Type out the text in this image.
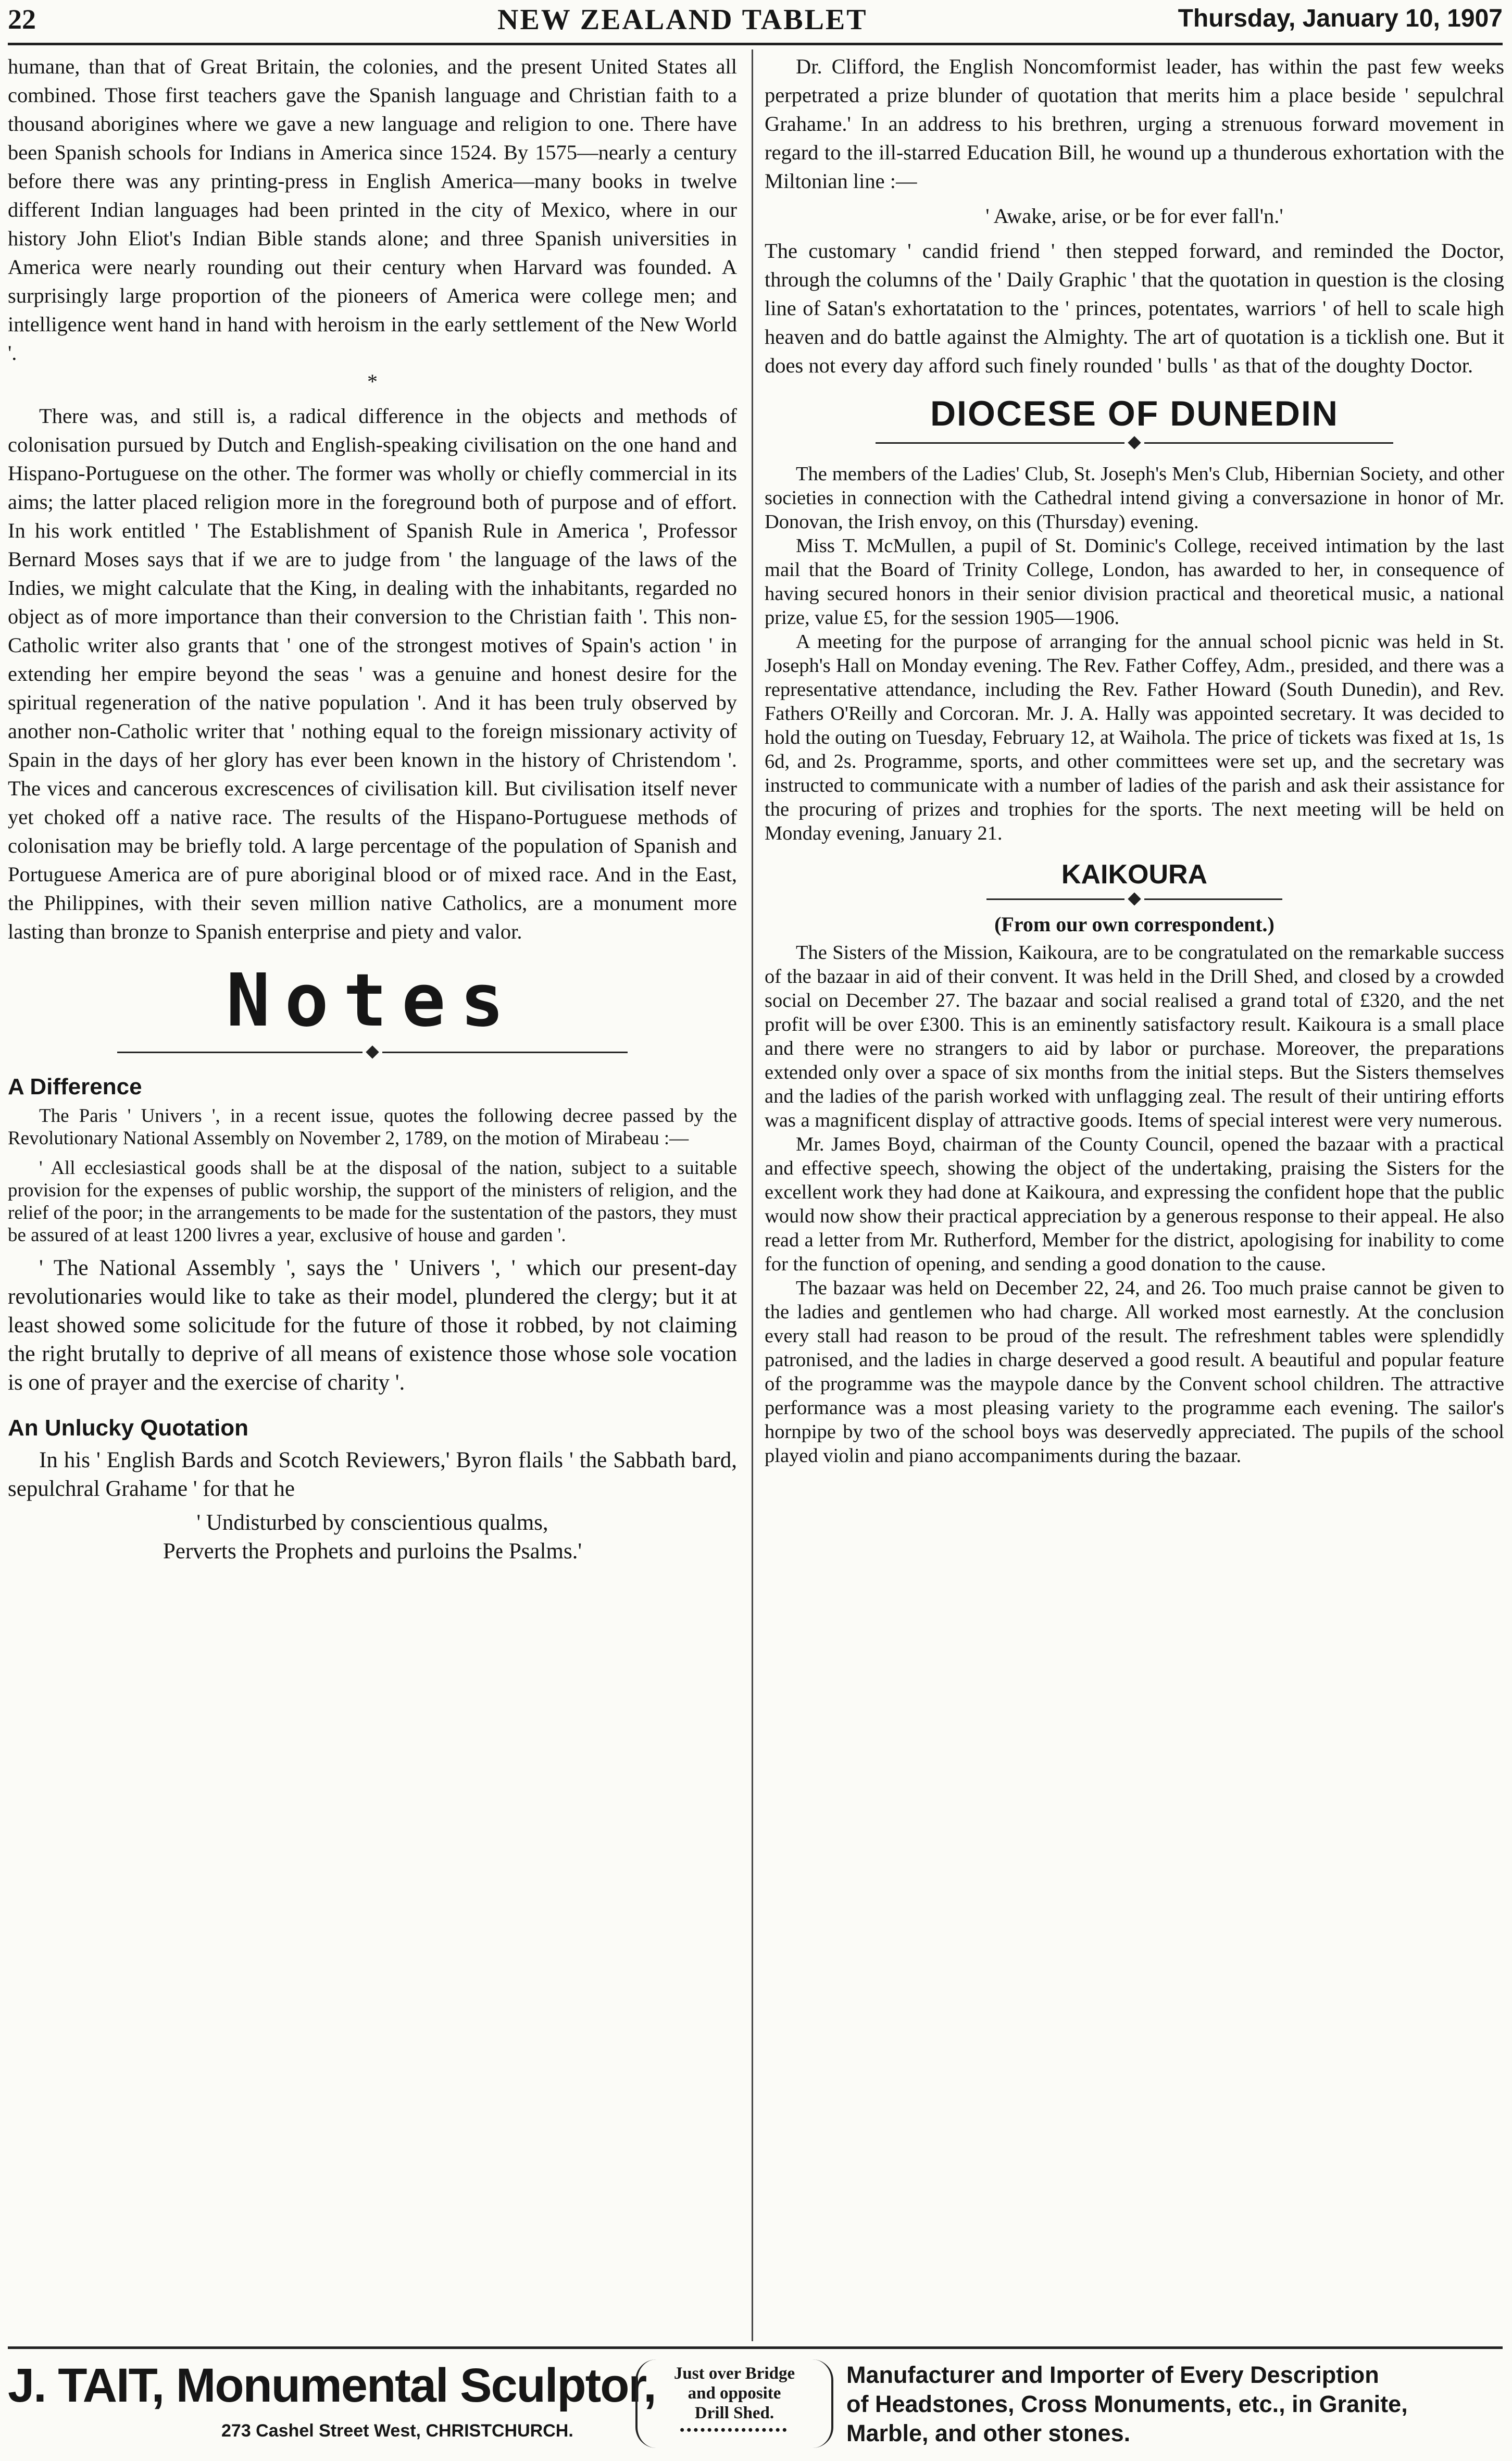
22	NEW ZEALAND TABLET	Thursday, January 10, 1907

humane, than that of Great Britain, the colonies, and the present United States all combined. Those first teachers gave the Spanish language and Christian faith to a thousand aborigines where we gave a new language and religion to one. There have been Spanish schools for Indians in America since 1524. By 1575—nearly a century before there was any printing-press in English America—many books in twelve different Indian languages had been printed in the city of Mexico, where in our history John Eliot's Indian Bible stands alone; and three Spanish universities in America were nearly rounding out their century when Harvard was founded. A surprisingly large proportion of the pioneers of America were college men; and intelligence went hand in hand with heroism in the early settlement of the New World '.

*

There was, and still is, a radical difference in the objects and methods of colonisation pursued by Dutch and English-speaking civilisation on the one hand and Hispano-Portuguese on the other. The former was wholly or chiefly commercial in its aims; the latter placed religion more in the foreground both of purpose and of effort. In his work entitled ' The Establishment of Spanish Rule in America ', Professor Bernard Moses says that if we are to judge from ' the language of the laws of the Indies, we might calculate that the King, in dealing with the inhabitants, regarded no object as of more importance than their conversion to the Christian faith '. This non-Catholic writer also grants that ' one of the strongest motives of Spain's action ' in extending her empire beyond the seas ' was a genuine and honest desire for the spiritual regeneration of the native population '. And it has been truly observed by another non-Catholic writer that ' nothing equal to the foreign missionary activity of Spain in the days of her glory has ever been known in the history of Christendom '. The vices and cancerous excrescences of civilisation kill. But civilisation itself never yet choked off a native race. The results of the Hispano-Portuguese methods of colonisation may be briefly told. A large percentage of the population of Spanish and Portuguese America are of pure aboriginal blood or of mixed race. And in the East, the Philippines, with their seven million native Catholics, are a monument more lasting than bronze to Spanish enterprise and piety and valor.

Notes
A Difference

The Paris ' Univers ', in a recent issue, quotes the following decree passed by the Revolutionary National Assembly on November 2, 1789, on the motion of Mirabeau :—

' All ecclesiastical goods shall be at the disposal of the nation, subject to a suitable provision for the expenses of public worship, the support of the ministers of religion, and the relief of the poor; in the arrangements to be made for the sustentation of the pastors, they must be assured of at least 1200 livres a year, exclusive of house and garden '.

' The National Assembly ', says the ' Univers ', ' which our present-day revolutionaries would like to take as their model, plundered the clergy; but it at least showed some solicitude for the future of those it robbed, by not claiming the right brutally to deprive of all means of existence those whose sole vocation is one of prayer and the exercise of charity '.

An Unlucky Quotation

In his ' English Bards and Scotch Reviewers,' Byron flails ' the Sabbath bard, sepulchral Grahame ' for that he

' Undisturbed by conscientious qualms,

Perverts the Prophets and purloins the Psalms.'

Dr. Clifford, the English Noncomformist leader, has within the past few weeks perpetrated a prize blunder of quotation that merits him a place beside ' sepulchral Grahame.' In an address to his brethren, urging a strenuous forward movement in regard to the ill-starred Education Bill, he wound up a thunderous exhortation with the Miltonian line :—

' Awake, arise, or be for ever fall'n.'

The customary ' candid friend ' then stepped forward, and reminded the Doctor, through the columns of the ' Daily Graphic ' that the quotation in question is the closing line of Satan's exhortatation to the ' princes, potentates, warriors ' of hell to scale high heaven and do battle against the Almighty. The art of quotation is a ticklish one. But it does not every day afford such finely rounded ' bulls ' as that of the doughty Doctor.

DIOCESE OF DUNEDIN

The members of the Ladies' Club, St. Joseph's Men's Club, Hibernian Society, and other societies in connection with the Cathedral intend giving a conversazione in honor of Mr. Donovan, the Irish envoy, on this (Thursday) evening.

Miss T. McMullen, a pupil of St. Dominic's College, received intimation by the last mail that the Board of Trinity College, London, has awarded to her, in consequence of having secured honors in their senior division practical and theoretical music, a national prize, value £5, for the session 1905—1906.

A meeting for the purpose of arranging for the annual school picnic was held in St. Joseph's Hall on Monday evening. The Rev. Father Coffey, Adm., presided, and there was a representative attendance, including the Rev. Father Howard (South Dunedin), and Rev. Fathers O'Reilly and Corcoran. Mr. J. A. Hally was appointed secretary. It was decided to hold the outing on Tuesday, February 12, at Waihola. The price of tickets was fixed at 1s, 1s 6d, and 2s. Programme, sports, and other committees were set up, and the secretary was instructed to communicate with a number of ladies of the parish and ask their assistance for the procuring of prizes and trophies for the sports. The next meeting will be held on Monday evening, January 21.

KAIKOURA
(From our own correspondent.)

The Sisters of the Mission, Kaikoura, are to be congratulated on the remarkable success of the bazaar in aid of their convent. It was held in the Drill Shed, and closed by a crowded social on December 27. The bazaar and social realised a grand total of £320, and the net profit will be over £300. This is an eminently satisfactory result. Kaikoura is a small place and there were no strangers to aid by labor or purchase. Moreover, the preparations extended only over a space of six months from the initial steps. But the Sisters themselves and the ladies of the parish worked with unflagging zeal. The result of their untiring efforts was a magnificent display of attractive goods. Items of special interest were very numerous.

Mr. James Boyd, chairman of the County Council, opened the bazaar with a practical and effective speech, showing the object of the undertaking, praising the Sisters for the excellent work they had done at Kaikoura, and expressing the confident hope that the public would now show their practical appreciation by a generous response to their appeal. He also read a letter from Mr. Rutherford, Member for the district, apologising for inability to come for the function of opening, and sending a good donation to the cause.

The bazaar was held on December 22, 24, and 26. Too much praise cannot be given to the ladies and gentlemen who had charge. All worked most earnestly. At the conclusion every stall had reason to be proud of the result. The refreshment tables were splendidly patronised, and the ladies in charge deserved a good result. A beautiful and popular feature of the programme was the maypole dance by the Convent school children. The attractive performance was a most pleasing variety to the programme each evening. The sailor's hornpipe by two of the school boys was deservedly appreciated. The pupils of the school played violin and piano accompaniments during the bazaar.

J. TAIT, Monumental Sculptor,
273 Cashel Street West, CHRISTCHURCH.
Just over Bridge
and opposite
Drill Shed.
••••••••••••••••
Manufacturer and Importer of Every Description
of Headstones, Cross Monuments, etc., in Granite,
Marble, and other stones.
